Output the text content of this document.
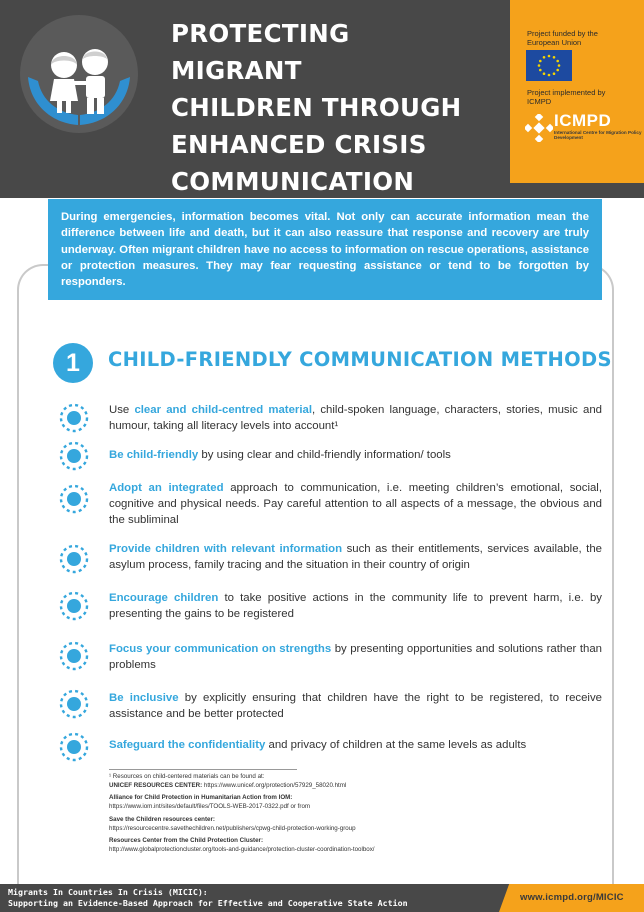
PROTECTING MIGRANT
CHILDREN THROUGH
ENHANCED CRISIS
COMMUNICATION
Project funded by the European Union
Project implemented by ICMPD
ICMPD
International Centre for Migration Policy Development
During emergencies, information becomes vital. Not only can accurate information mean the difference between life and death, but it can also reassure that response and recovery are truly underway. Often migrant children have no access to information on rescue operations, assistance or protection measures. They may fear requesting assistance or tend to be forgotten by responders.
1	CHILD-FRIENDLY COMMUNICATION METHODS
Use clear and child-centred material, child-spoken language, characters, stories, music and humour, taking all literacy levels into account¹
Be child-friendly by using clear and child-friendly information/ tools
Adopt an integrated approach to communication, i.e. meeting children’s emotional, social, cognitive and physical needs. Pay careful attention to all aspects of a message, the obvious and the subliminal
Provide children with relevant information such as their entitlements, services available, the asylum process, family tracing and the situation in their country of origin
Encourage children to take positive actions in the community life to prevent harm, i.e. by presenting the gains to be registered
Focus your communication on strengths by presenting opportunities and solutions rather than problems
Be inclusive by explicitly ensuring that children have the right to be registered, to receive assistance and be better protected
Safeguard the confidentiality and privacy of children at the same levels as adults
¹ Resources on child-centered materials can be found at:
UNICEF RESOURCES CENTER: https://www.unicef.org/protection/57929_58020.html
Alliance for Child Protection in Humanitarian Action from IOM:
https://www.iom.int/sites/default/files/TOOLS-WEB-2017-0322.pdf or from
Save the Children resources center:
https://resourcecentre.savethechildren.net/publishers/cpwg-child-protection-working-group
Resources Center from the Child Protection Cluster:
http://www.globalprotectioncluster.org/tools-and-guidance/protection-cluster-coordination-toolbox/
Migrants In Countries In Crisis (MICIC):
Supporting an Evidence-Based Approach for Effective and Cooperative State Action	www.icmpd.org/MICIC
